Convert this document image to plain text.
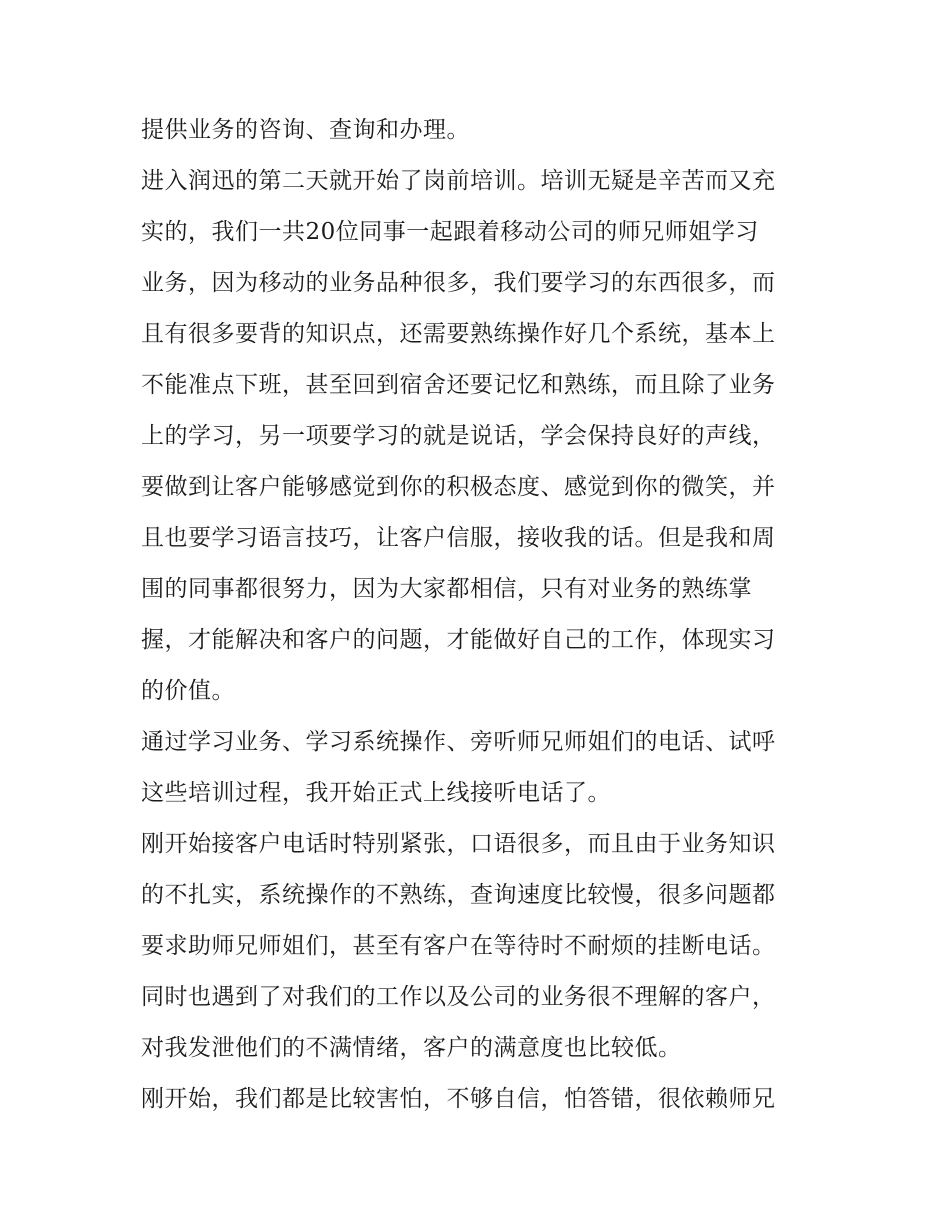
提供业务的咨询、查询和办理。
进入润迅的第二天就开始了岗前培训。培训无疑是辛苦而又充
实的，我们一共20位同事一起跟着移动公司的师兄师姐学习
业务，因为移动的业务品种很多，我们要学习的东西很多，而
且有很多要背的知识点，还需要熟练操作好几个系统，基本上
不能准点下班，甚至回到宿舍还要记忆和熟练，而且除了业务
上的学习，另一项要学习的就是说话，学会保持良好的声线，
要做到让客户能够感觉到你的积极态度、感觉到你的微笑，并
且也要学习语言技巧，让客户信服，接收我的话。但是我和周
围的同事都很努力，因为大家都相信，只有对业务的熟练掌
握，才能解决和客户的问题，才能做好自己的工作，体现实习
的价值。
通过学习业务、学习系统操作、旁听师兄师姐们的电话、试呼
这些培训过程，我开始正式上线接听电话了。
刚开始接客户电话时特别紧张，口语很多，而且由于业务知识
的不扎实，系统操作的不熟练，查询速度比较慢，很多问题都
要求助师兄师姐们，甚至有客户在等待时不耐烦的挂断电话。
同时也遇到了对我们的工作以及公司的业务很不理解的客户，
对我发泄他们的不满情绪，客户的满意度也比较低。
刚开始，我们都是比较害怕，不够自信，怕答错，很依赖师兄
